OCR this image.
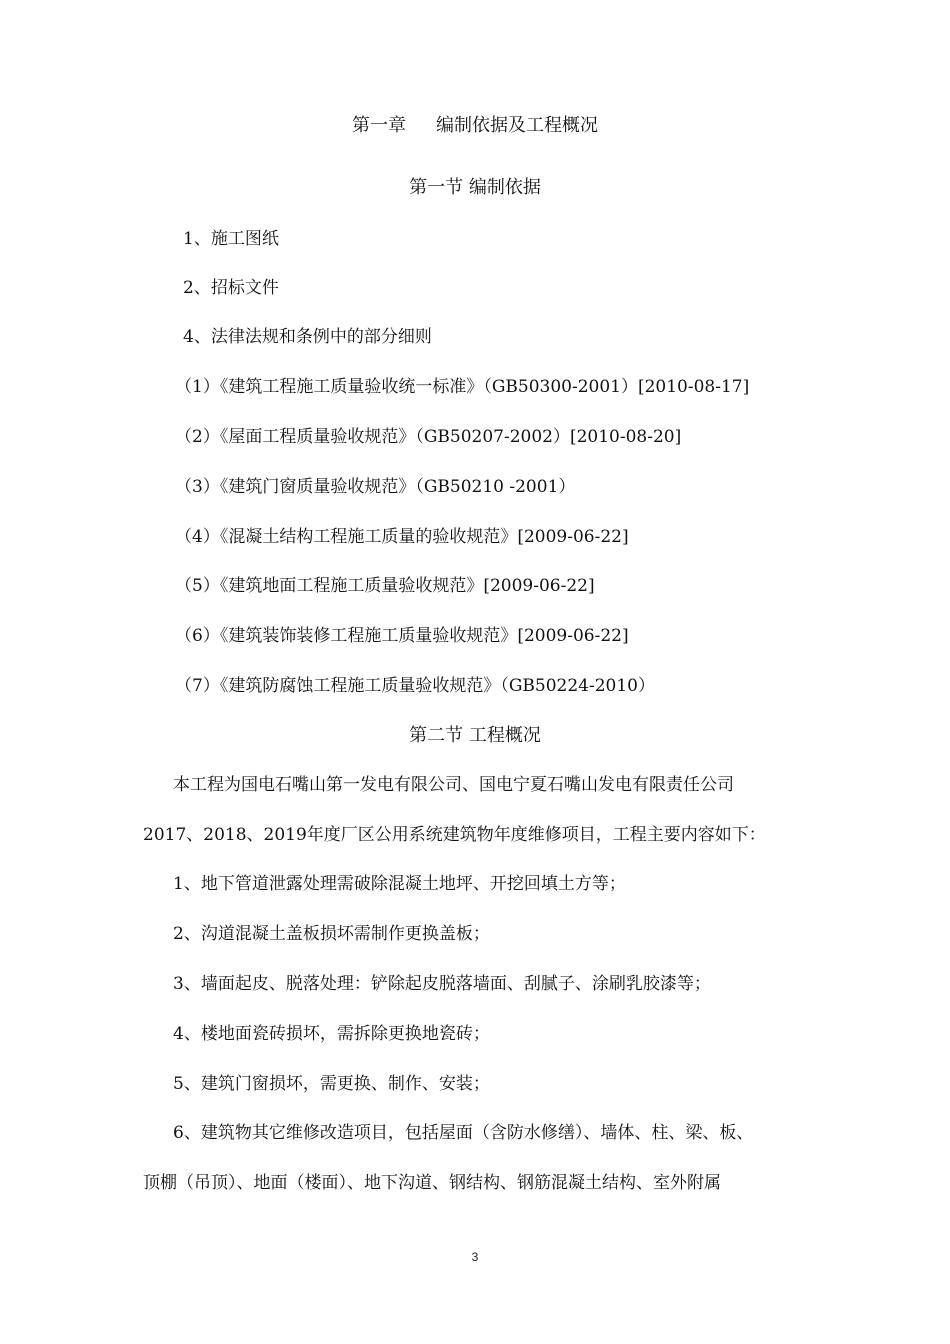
第一章 编制依据及工程概况
第一节 编制依据
1、施工图纸
2、招标文件
4、法律法规和条例中的部分细则
（1）《建筑工程施工质量验收统一标准》（GB50300-2001）[2010-08-17]
（2）《屋面工程质量验收规范》（GB50207-2002）[2010-08-20]
（3）《建筑门窗质量验收规范》（GB50210 -2001）
（4）《混凝土结构工程施工质量的验收规范》[2009-06-22]
（5）《建筑地面工程施工质量验收规范》[2009-06-22]
（6）《建筑装饰装修工程施工质量验收规范》[2009-06-22]
（7）《建筑防腐蚀工程施工质量验收规范》（GB50224-2010）
第二节 工程概况
本工程为国电石嘴山第一发电有限公司、国电宁夏石嘴山发电有限责任公司
2017、2018、2019年度厂区公用系统建筑物年度维修项目，工程主要内容如下：
1、地下管道泄露处理需破除混凝土地坪、开挖回填土方等；
2、沟道混凝土盖板损坏需制作更换盖板；
3、墙面起皮、脱落处理：铲除起皮脱落墙面、刮腻子、涂刷乳胶漆等；
4、楼地面瓷砖损坏，需拆除更换地瓷砖；
5、建筑门窗损坏，需更换、制作、安装；
6、建筑物其它维修改造项目，包括屋面（含防水修缮）、墙体、柱、梁、板、
顶棚（吊顶）、地面（楼面）、地下沟道、钢结构、钢筋混凝土结构、室外附属
3
